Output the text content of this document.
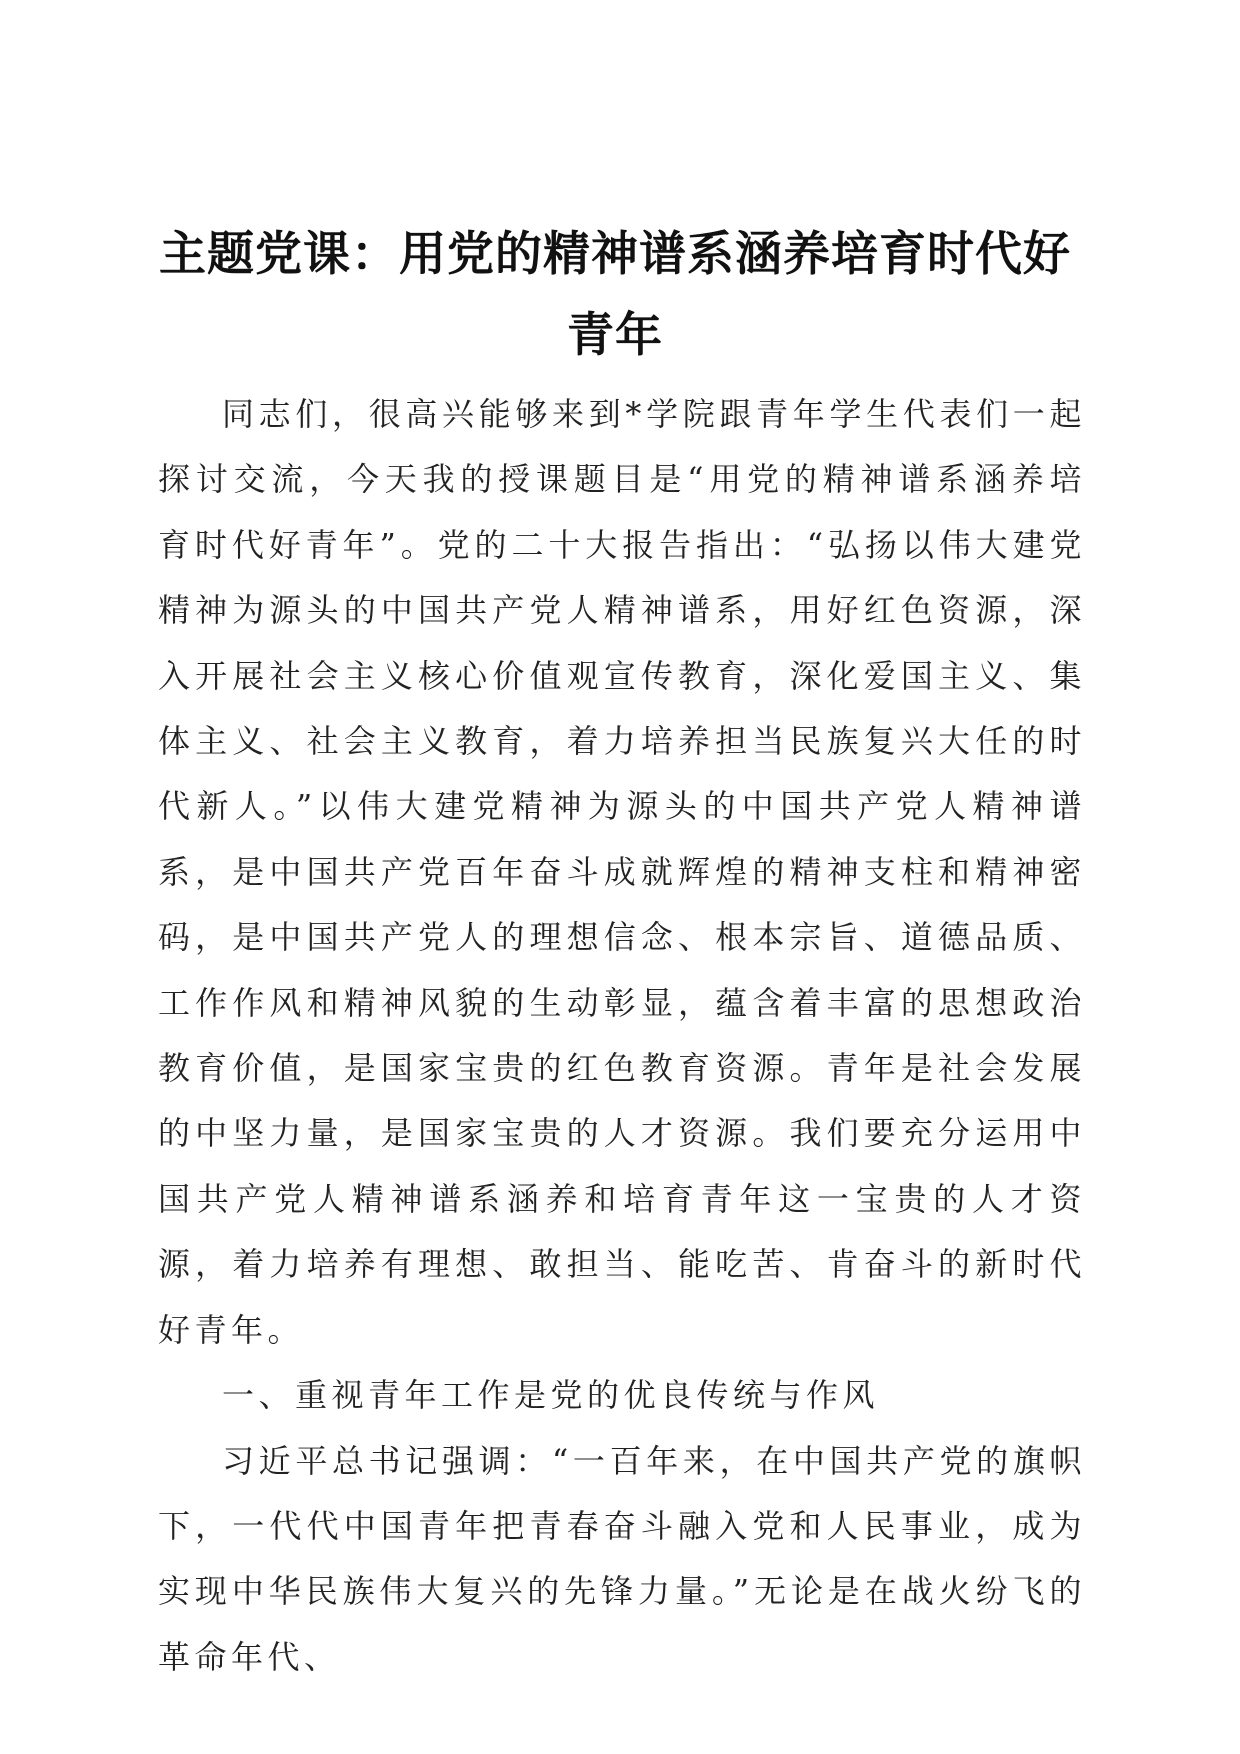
主题党课：用党的精神谱系涵养培育时代好青年

同志们，很高兴能够来到*学院跟青年学生代表们一起探讨交流，今天我的授课题目是“用党的精神谱系涵养培育时代好青年”。党的二十大报告指出：“弘扬以伟大建党精神为源头的中国共产党人精神谱系，用好红色资源，深入开展社会主义核心价值观宣传教育，深化爱国主义、集体主义、社会主义教育，着力培养担当民族复兴大任的时代新人。”以伟大建党精神为源头的中国共产党人精神谱系，是中国共产党百年奋斗成就辉煌的精神支柱和精神密码，是中国共产党人的理想信念、根本宗旨、道德品质、工作作风和精神风貌的生动彰显，蕴含着丰富的思想政治教育价值，是国家宝贵的红色教育资源。青年是社会发展的中坚力量，是国家宝贵的人才资源。我们要充分运用中国共产党人精神谱系涵养和培育青年这一宝贵的人才资源，着力培养有理想、敢担当、能吃苦、肯奋斗的新时代好青年。

一、重视青年工作是党的优良传统与作风

习近平总书记强调：“一百年来，在中国共产党的旗帜下，一代代中国青年把青春奋斗融入党和人民事业，成为实现中华民族伟大复兴的先锋力量。”无论是在战火纷飞的革命年代、
